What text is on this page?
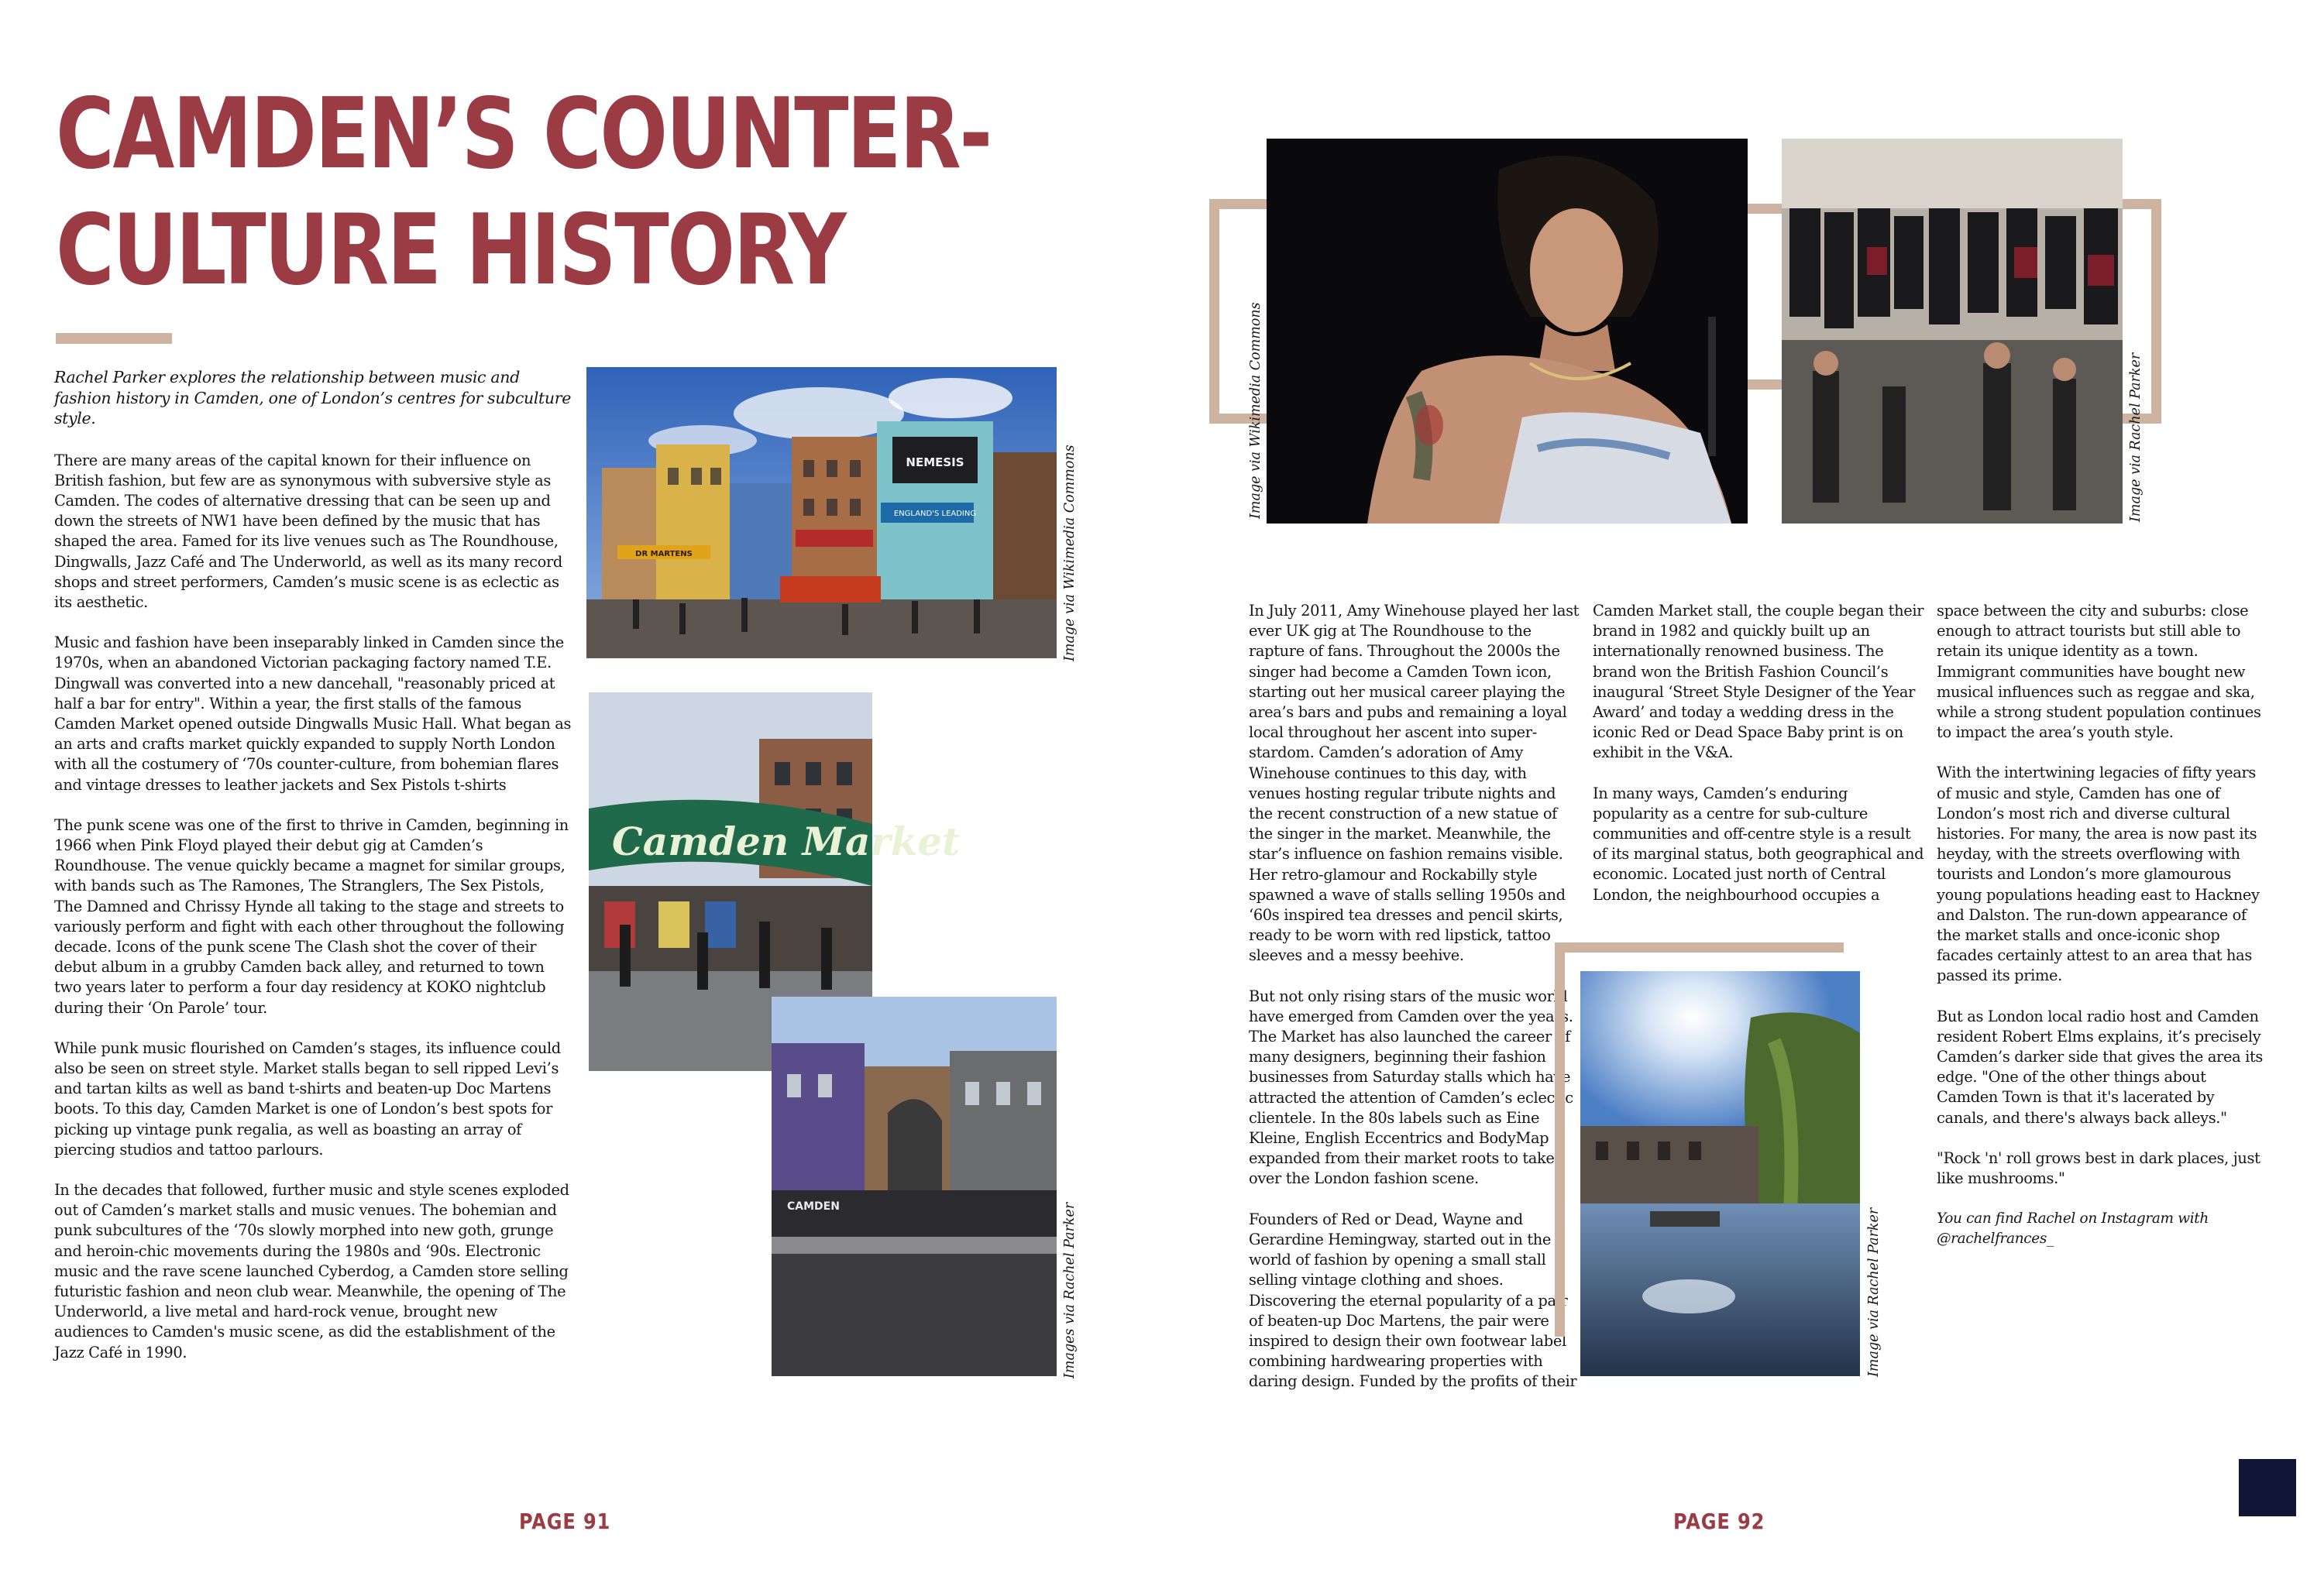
CAMDEN’S COUNTER-
CULTURE HISTORY

Rachel Parker explores the relationship between music and fashion history in Camden, one of London’s centres for subculture style.

There are many areas of the capital known for their influence on British fashion, but few are as synonymous with subversive style as Camden. The codes of alternative dressing that can be seen up and down the streets of NW1 have been defined by the music that has shaped the area. Famed for its live venues such as The Roundhouse, Dingwalls, Jazz Café and The Underworld, as well as its many record shops and street performers, Camden’s music scene is as eclectic as its aesthetic.

Music and fashion have been inseparably linked in Camden since the 1970s, when an abandoned Victorian packaging factory named T.E. Dingwall was converted into a new dancehall, "reasonably priced at half a bar for entry". Within a year, the first stalls of the famous Camden Market opened outside Dingwalls Music Hall. What began as an arts and crafts market quickly expanded to supply North London with all the costumery of ‘70s counter-culture, from bohemian flares and vintage dresses to leather jackets and Sex Pistols t-shirts

The punk scene was one of the first to thrive in Camden, beginning in 1966 when Pink Floyd played their debut gig at Camden’s Roundhouse. The venue quickly became a magnet for similar groups, with bands such as The Ramones, The Stranglers, The Sex Pistols, The Damned and Chrissy Hynde all taking to the stage and streets to variously perform and fight with each other throughout the following decade. Icons of the punk scene The Clash shot the cover of their debut album in a grubby Camden back alley, and returned to town two years later to perform a four day residency at KOKO nightclub during their ‘On Parole’ tour.

While punk music flourished on Camden’s stages, its influence could also be seen on street style. Market stalls began to sell ripped Levi’s and tartan kilts as well as band t-shirts and beaten-up Doc Martens boots. To this day, Camden Market is one of London’s best spots for picking up vintage punk regalia, as well as boasting an array of piercing studios and tattoo parlours.

In the decades that followed, further music and style scenes exploded out of Camden’s market stalls and music venues. The bohemian and punk subcultures of the ‘70s slowly morphed into new goth, grunge and heroin-chic movements during the 1980s and ‘90s. Electronic music and the rave scene launched Cyberdog, a Camden store selling futuristic fashion and neon club wear. Meanwhile, the opening of The Underworld, a live metal and hard-rock venue, brought new audiences to Camden's music scene, as did the establishment of the Jazz Café in 1990.

NEMESIS
ENGLAND'S LEADING
DR MARTENS	Image via Wikimedia Commons
Camden Market
CAMDEN	Images via Rachel Parker
PAGE 91
Image via Wikimedia Commons	Image via Rachel Parker

In July 2011, Amy Winehouse played her last ever UK gig at The Roundhouse to the rapture of fans. Throughout the 2000s the singer had become a Camden Town icon, starting out her musical career playing the area’s bars and pubs and remaining a loyal local throughout her ascent into super-stardom. Camden’s adoration of Amy Winehouse continues to this day, with venues hosting regular tribute nights and the recent construction of a new statue of the singer in the market. Meanwhile, the star’s influence on fashion remains visible. Her retro-glamour and Rockabilly style spawned a wave of stalls selling 1950s and ‘60s inspired tea dresses and pencil skirts, ready to be worn with red lipstick, tattoo sleeves and a messy beehive.

But not only rising stars of the music world have emerged from Camden over the years. The Market has also launched the career of many designers, beginning their fashion businesses from Saturday stalls which have attracted the attention of Camden’s eclectic clientele. In the 80s labels such as Eine Kleine, English Eccentrics and BodyMap expanded from their market roots to take over the London fashion scene.

Founders of Red or Dead, Wayne and Gerardine Hemingway, started out in the world of fashion by opening a small stall selling vintage clothing and shoes. Discovering the eternal popularity of a pair of beaten-up Doc Martens, the pair were inspired to design their own footwear label combining hardwearing properties with daring design. Funded by the profits of their

Camden Market stall, the couple began their brand in 1982 and quickly built up an internationally renowned business. The brand won the British Fashion Council’s inaugural ‘Street Style Designer of the Year Award’ and today a wedding dress in the iconic Red or Dead Space Baby print is on exhibit in the V&A.

In many ways, Camden’s enduring popularity as a centre for sub-culture communities and off-centre style is a result of its marginal status, both geographical and economic. Located just north of Central London, the neighbourhood occupies a

space between the city and suburbs: close enough to attract tourists but still able to retain its unique identity as a town. Immigrant communities have bought new musical influences such as reggae and ska, while a strong student population continues to impact the area’s youth style.

With the intertwining legacies of fifty years of music and style, Camden has one of London’s most rich and diverse cultural histories. For many, the area is now past its heyday, with the streets overflowing with tourists and London’s more glamourous young populations heading east to Hackney and Dalston. The run-down appearance of the market stalls and once-iconic shop facades certainly attest to an area that has passed its prime.

But as London local radio host and Camden resident Robert Elms explains, it’s precisely Camden’s darker side that gives the area its edge. "One of the other things about Camden Town is that it's lacerated by canals, and there's always back alleys."

"Rock 'n' roll grows best in dark places, just like mushrooms."

You can find Rachel on Instagram with @rachelfrances_

Image via Rachel Parker
PAGE 92
